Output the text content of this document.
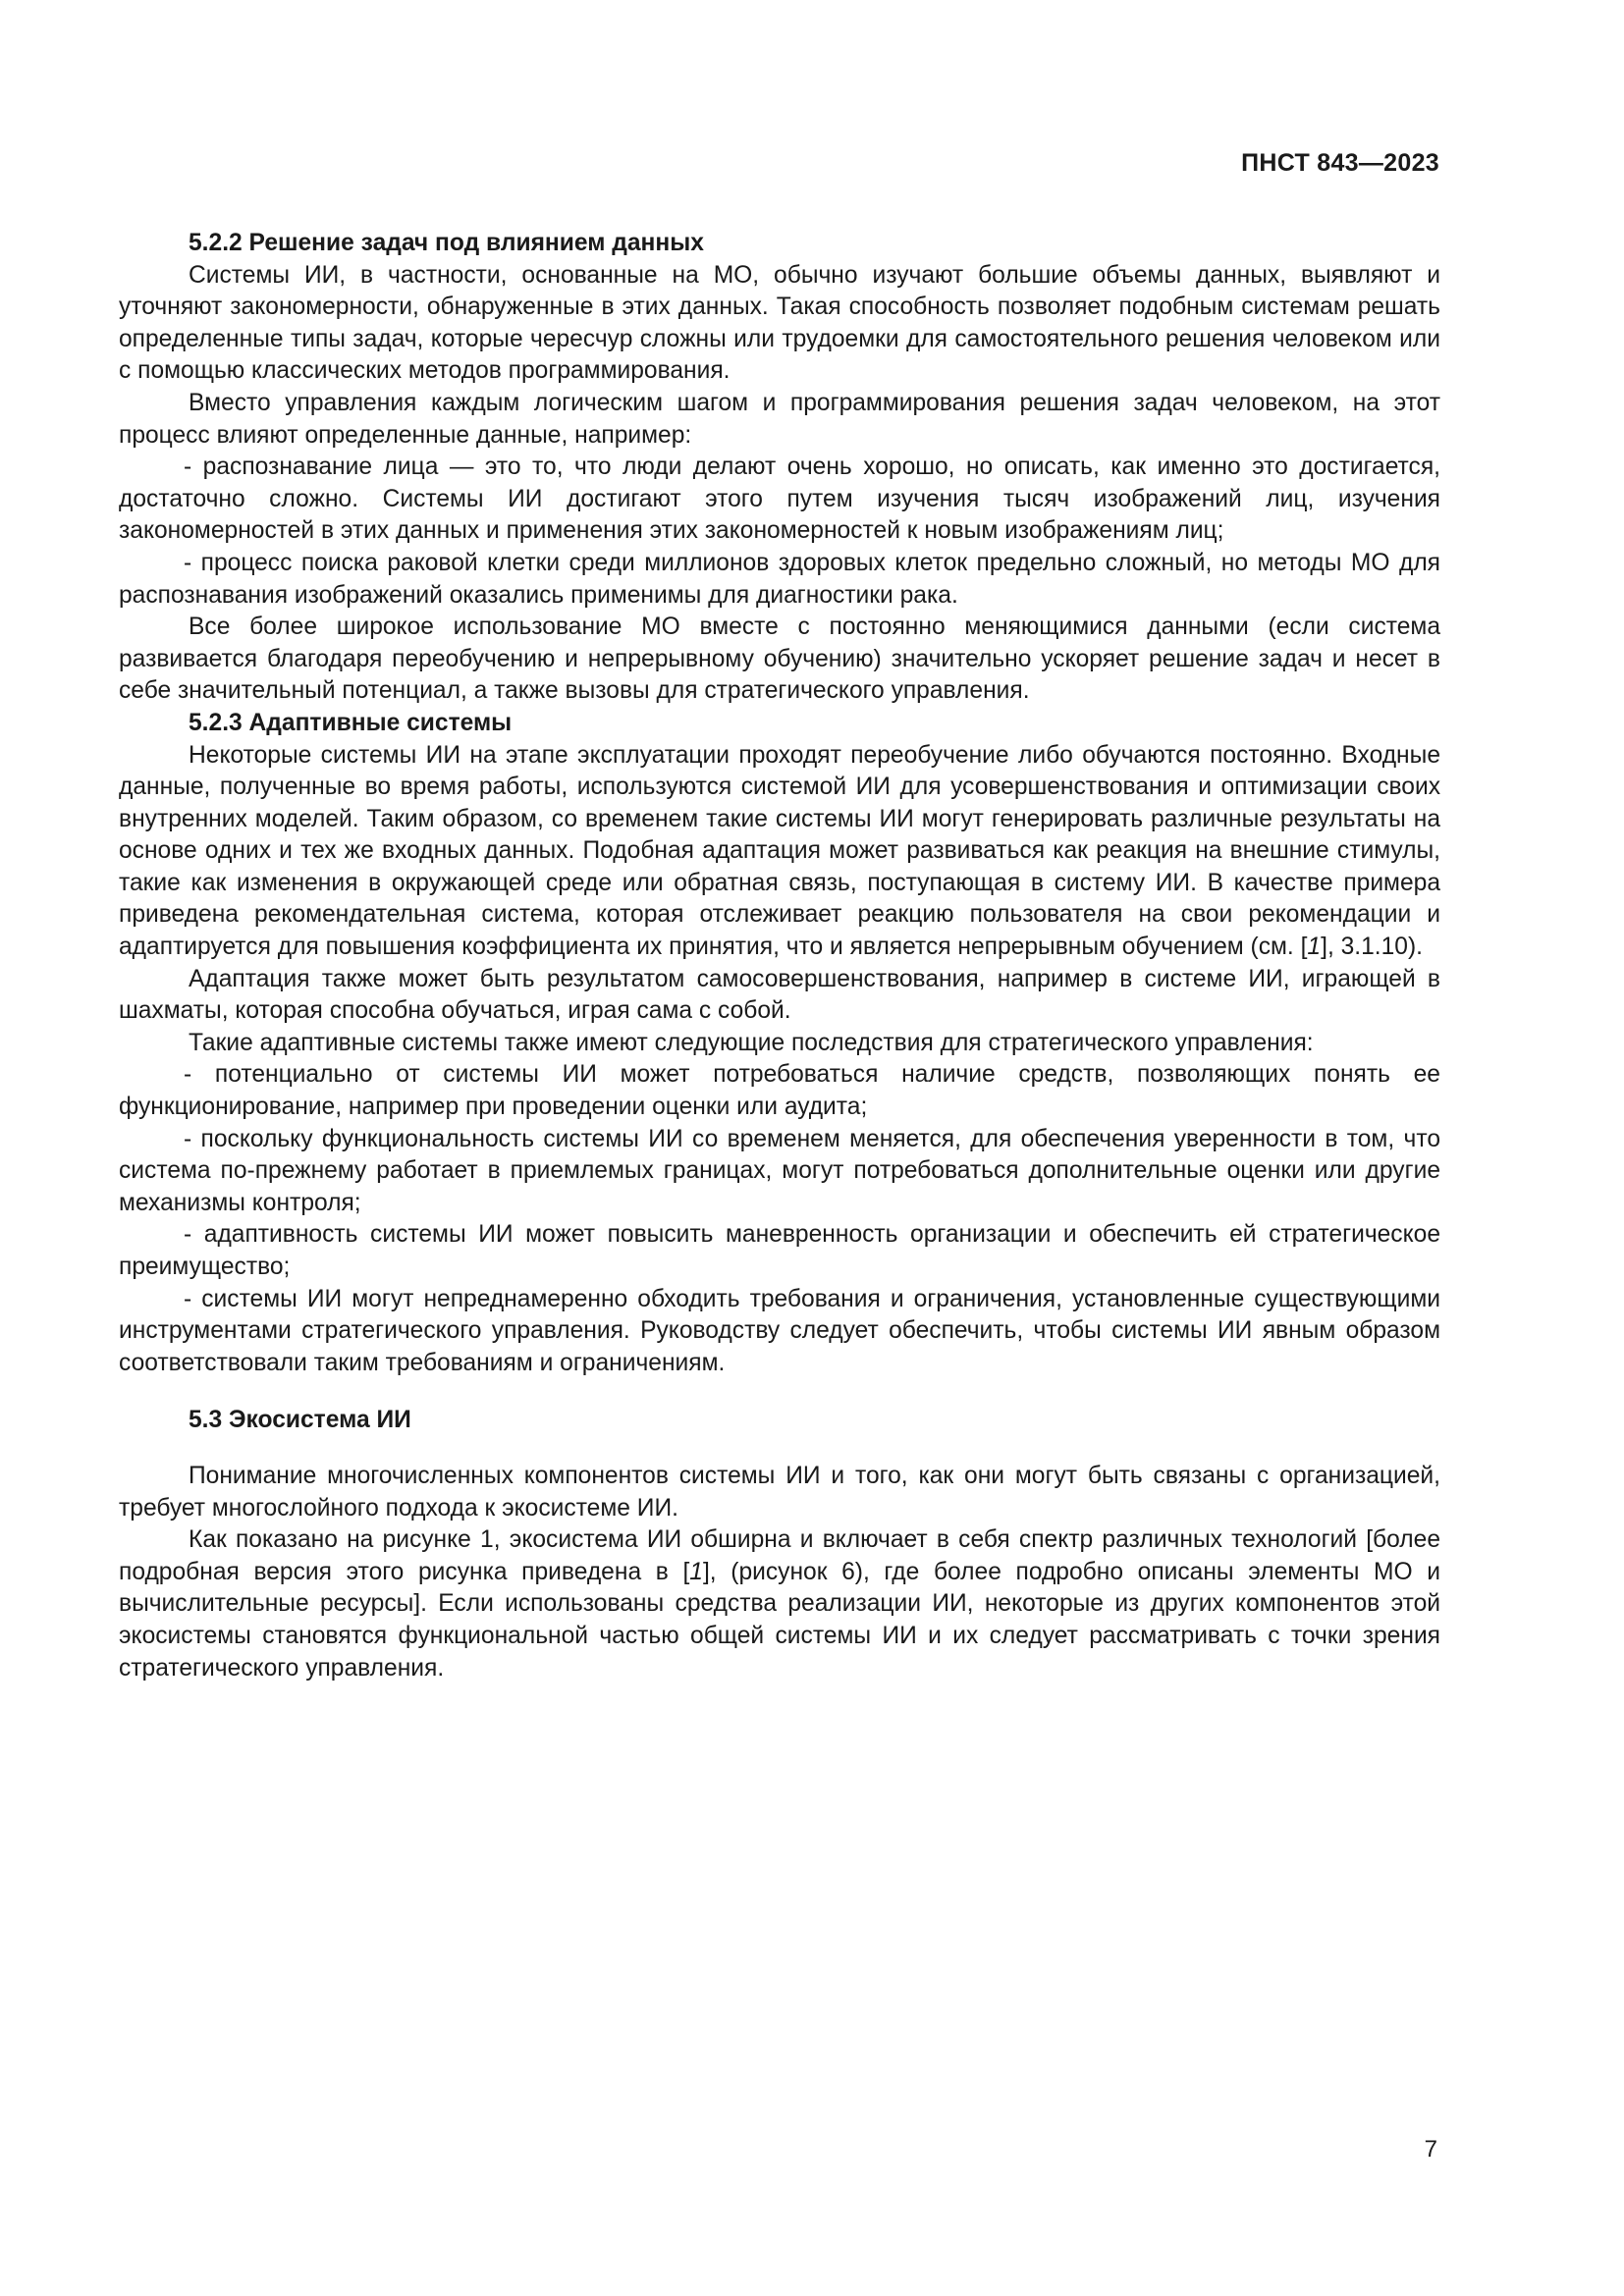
ПНСТ 843—2023
5.2.2 Решение задач под влиянием данных

Системы ИИ, в частности, основанные на МО, обычно изучают большие объемы данных, выявляют и уточняют закономерности, обнаруженные в этих данных. Такая способность позволяет подобным системам решать определенные типы задач, которые чересчур сложны или трудоемки для самостоятельного решения человеком или с помощью классических методов программирования.

Вместо управления каждым логическим шагом и программирования решения задач человеком, на этот процесс влияют определенные данные, например:

- распознавание лица — это то, что люди делают очень хорошо, но описать, как именно это достигается, достаточно сложно. Системы ИИ достигают этого путем изучения тысяч изображений лиц, изучения закономерностей в этих данных и применения этих закономерностей к новым изображениям лиц;

- процесс поиска раковой клетки среди миллионов здоровых клеток предельно сложный, но методы МО для распознавания изображений оказались применимы для диагностики рака.

Все более широкое использование МО вместе с постоянно меняющимися данными (если система развивается благодаря переобучению и непрерывному обучению) значительно ускоряет решение задач и несет в себе значительный потенциал, а также вызовы для стратегического управления.

5.2.3 Адаптивные системы

Некоторые системы ИИ на этапе эксплуатации проходят переобучение либо обучаются постоянно. Входные данные, полученные во время работы, используются системой ИИ для усовершенствования и оптимизации своих внутренних моделей. Таким образом, со временем такие системы ИИ могут генерировать различные результаты на основе одних и тех же входных данных. Подобная адаптация может развиваться как реакция на внешние стимулы, такие как изменения в окружающей среде или обратная связь, поступающая в систему ИИ. В качестве примера приведена рекомендательная система, которая отслеживает реакцию пользователя на свои рекомендации и адаптируется для повышения коэффициента их принятия, что и является непрерывным обучением (см. [1], 3.1.10).

Адаптация также может быть результатом самосовершенствования, например в системе ИИ, играющей в шахматы, которая способна обучаться, играя сама с собой.

Такие адаптивные системы также имеют следующие последствия для стратегического управления:

- потенциально от системы ИИ может потребоваться наличие средств, позволяющих понять ее функционирование, например при проведении оценки или аудита;

- поскольку функциональность системы ИИ со временем меняется, для обеспечения уверенности в том, что система по-прежнему работает в приемлемых границах, могут потребоваться дополнительные оценки или другие механизмы контроля;

- адаптивность системы ИИ может повысить маневренность организации и обеспечить ей стратегическое преимущество;

- системы ИИ могут непреднамеренно обходить требования и ограничения, установленные существующими инструментами стратегического управления. Руководству следует обеспечить, чтобы системы ИИ явным образом соответствовали таким требованиям и ограничениям.

5.3 Экосистема ИИ

Понимание многочисленных компонентов системы ИИ и того, как они могут быть связаны с организацией, требует многослойного подхода к экосистеме ИИ.

Как показано на рисунке 1, экосистема ИИ обширна и включает в себя спектр различных технологий [более подробная версия этого рисунка приведена в [1], (рисунок 6), где более подробно описаны элементы МО и вычислительные ресурсы]. Если использованы средства реализации ИИ, некоторые из других компонентов этой экосистемы становятся функциональной частью общей системы ИИ и их следует рассматривать с точки зрения стратегического управления.

7
